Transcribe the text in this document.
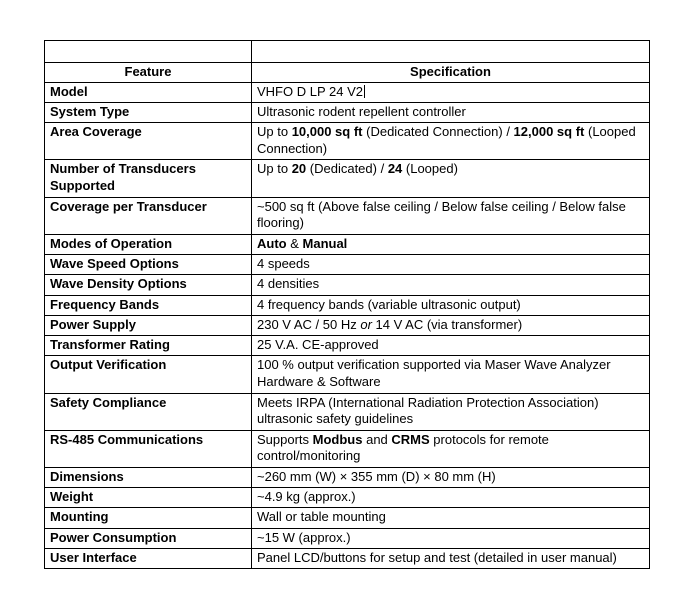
Feature	Specification
Model	VHFO D LP 24 V2
System Type	Ultrasonic rodent repellent controller
Area Coverage	Up to 10,000 sq ft (Dedicated Connection) / 12,000 sq ft (Looped Connection)
Number of Transducers Supported	Up to 20 (Dedicated) / 24 (Looped)
Coverage per Transducer	~500 sq ft (Above false ceiling / Below false ceiling / Below false flooring)
Modes of Operation	Auto & Manual
Wave Speed Options	4 speeds
Wave Density Options	4 densities
Frequency Bands	4 frequency bands (variable ultrasonic output)
Power Supply	230 V AC / 50 Hz or 14 V AC (via transformer)
Transformer Rating	25 V.A. CE-approved
Output Verification	100 % output verification supported via Maser Wave Analyzer Hardware & Software
Safety Compliance	Meets IRPA (International Radiation Protection Association) ultrasonic safety guidelines
RS-485 Communications	Supports Modbus and CRMS protocols for remote control/monitoring
Dimensions	~260 mm (W) × 355 mm (D) × 80 mm (H)
Weight	~4.9 kg (approx.)
Mounting	Wall or table mounting
Power Consumption	~15 W (approx.)
User Interface	Panel LCD/buttons for setup and test (detailed in user manual)
